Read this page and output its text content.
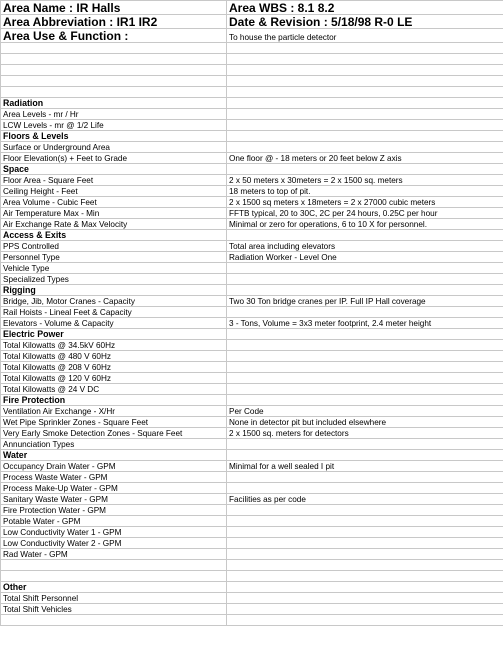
Area Name : IR Halls	Area WBS : 8.1 8.2
Area Abbreviation : IR1 IR2	Date & Revision : 5/18/98 R-0 LE
Area Use & Function :	To house the particle detector

Radiation	
Area Levels - mr / Hr	
LCW Levels - mr @ 1/2 Life	
Floors & Levels	
Surface or Underground Area	
Floor Elevation(s) + Feet to Grade	One floor @ - 18 meters or 20 feet below Z axis
Space	
Floor Area - Square Feet	2 x 50 meters x 30meters = 2 x 1500 sq. meters
Ceiling Height - Feet	18 meters to top of pit.
Area Volume - Cubic Feet	2 x 1500 sq meters x 18meters = 2 x 27000 cubic meters
Air Temperature Max - Min	FFTB typical, 20 to 30C, 2C per 24 hours, 0.25C per hour
Air Exchange Rate & Max Velocity	Minimal or zero for operations, 6 to 10 X for personnel.
Access & Exits	
PPS Controlled	Total area including elevators
Personnel Type	Radiation Worker - Level One
Vehicle Type	
Specialized Types	
Rigging	
Bridge, Jib, Motor Cranes - Capacity	Two 30 Ton bridge cranes per IP. Full IP Hall coverage
Rail Hoists - Lineal Feet & Capacity	
Elevators - Volume & Capacity	3 - Tons, Volume = 3x3 meter footprint, 2.4 meter height
Electric Power	
Total Kilowatts @ 34.5kV 60Hz	
Total Kilowatts @ 480 V 60Hz	
Total Kilowatts @ 208 V 60Hz	
Total Kilowatts @ 120 V 60Hz	
Total Kilowatts @ 24 V DC	
Fire Protection	
Ventilation Air Exchange - X/Hr	Per Code
Wet Pipe Sprinkler Zones - Square Feet	None in detector pit but included elsewhere
Very Early Smoke Detection Zones - Square Feet	2 x 1500 sq. meters for detectors
Annunciation Types	
Water	
Occupancy Drain Water - GPM	Minimal for a well sealed I pit
Process Waste Water - GPM	
Process Make-Up Water - GPM	
Sanitary Waste Water - GPM	Facilities as per code
Fire Protection Water - GPM	
Potable Water - GPM	
Low Conductivity Water 1 - GPM	
Low Conductivity Water 2 - GPM	
Rad Water - GPM	

Other	
Total Shift Personnel	
Total Shift Vehicles	
